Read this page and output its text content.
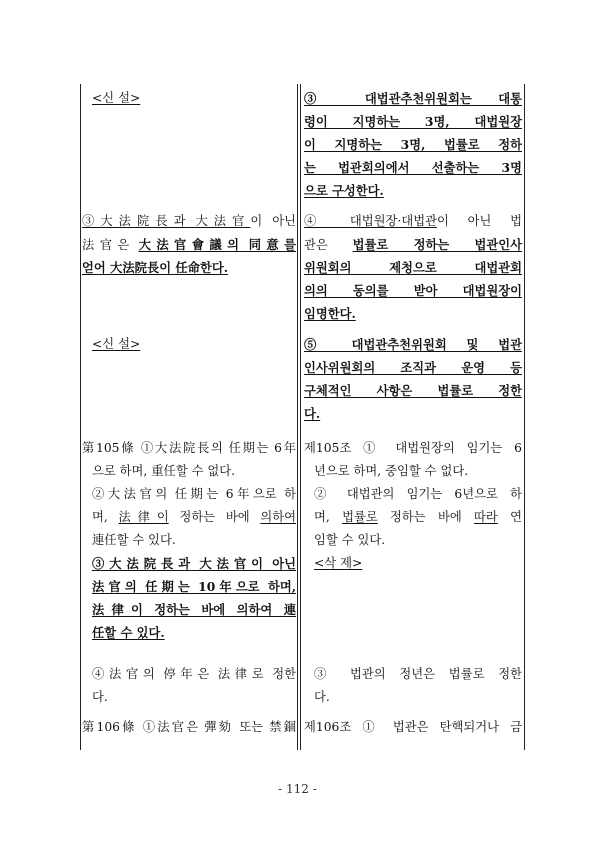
<신 설>
③大法院長과 大法官이 아닌
法官은 大法官會議의 同意를
얻어 大法院長이 任命한다.
<신 설>
第105條 ①大法院長의 任期는 6年
으로 하며, 重任할 수 없다.
②大法官의 任期는 6年으로 하
며, 法律이 정하는 바에 의하여
連任할 수 있다.
③大法院長과 大法官이 아닌
法官의 任期는 10年으로 하며,
法律이 정하는 바에 의하여 連
任할 수 있다.
④法官의 停年은 法律로 정한
다.
第106條 ①法官은 彈劾 또는 禁錮
③ 대법관추천위원회는 대통
령이 지명하는 3명, 대법원장
이 지명하는 3명, 법률로 정하
는 법관회의에서 선출하는 3명
으로 구성한다.
④ 대법원장·대법관이 아닌 법
관은 법률로 정하는 법관인사
위원회의 제청으로 대법관회
의의 동의를 받아 대법원장이
임명한다.
⑤ 대법관추천위원회 및 법관
인사위원회의 조직과 운영 등
구체적인 사항은 법률로 정한
다.
제105조 ① 대법원장의 임기는 6
년으로 하며, 중임할 수 없다.
② 대법관의 임기는 6년으로 하
며, 법률로 정하는 바에 따라 연
임할 수 있다.
<삭 제>
③ 법관의 정년은 법률로 정한
다.
제106조 ① 법관은 탄핵되거나 금
- 112 -
